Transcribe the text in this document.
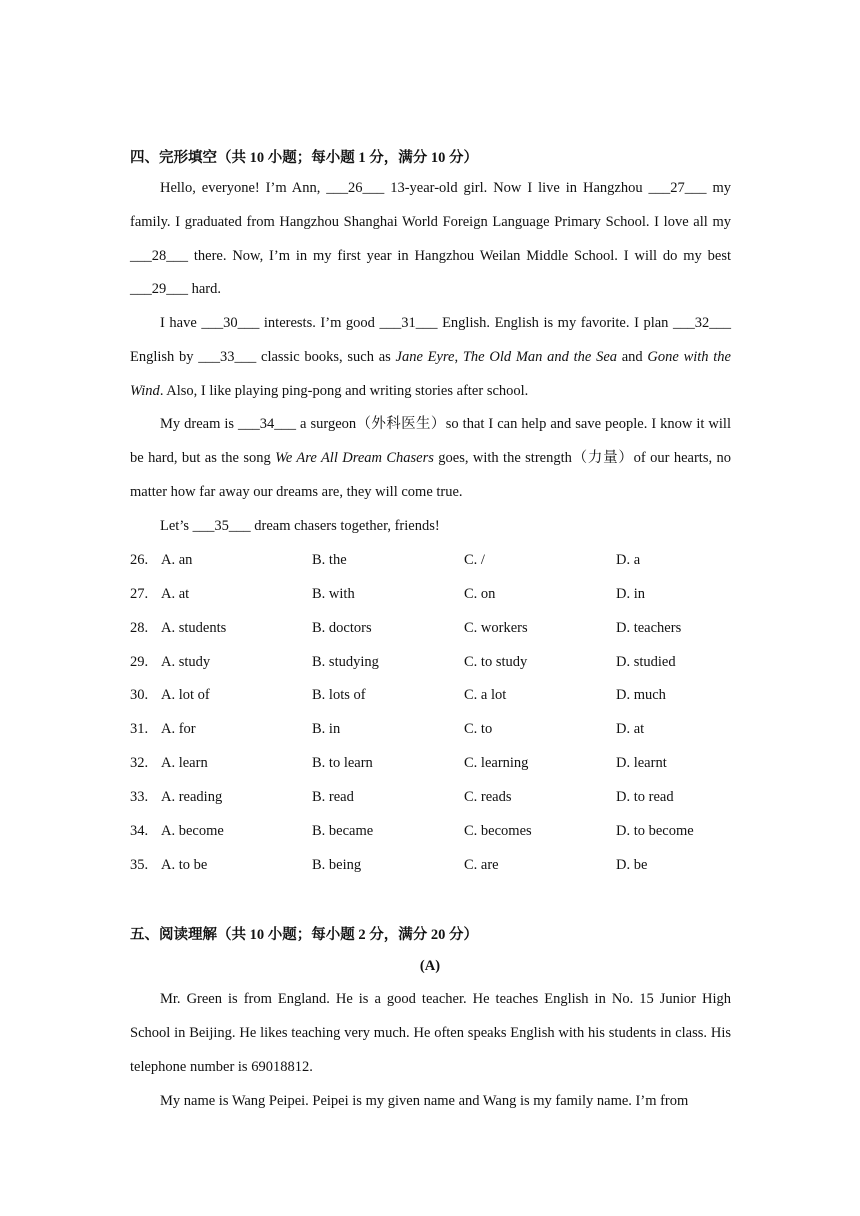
四、完形填空（共 10 小题；每小题 1 分，满分 10 分）

Hello, everyone! I’m Ann, ___26___ 13-year-old girl. Now I live in Hangzhou ___27___ my family. I graduated from Hangzhou Shanghai World Foreign Language Primary School. I love all my ___28___ there. Now, I’m in my first year in Hangzhou Weilan Middle School. I will do my best ___29___ hard.

I have ___30___ interests. I’m good ___31___ English. English is my favorite. I plan ___32___ English by ___33___ classic books, such as Jane Eyre, The Old Man and the Sea and Gone with the Wind. Also, I like playing ping-pong and writing stories after school.

My dream is ___34___ a surgeon（外科医生）so that I can help and save people. I know it will be hard, but as the song We Are All Dream Chasers goes, with the strength（力量）of our hearts, no matter how far away our dreams are, they will come true.

Let’s ___35___ dream chasers together, friends!

26. A. an	B. the	C. /	D. a
27. A. at	B. with	C. on	D. in
28. A. students	B. doctors	C. workers	D. teachers
29. A. study	B. studying	C. to study	D. studied
30. A. lot of	B. lots of	C. a lot	D. much
31. A. for	B. in	C. to	D. at
32. A. learn	B. to learn	C. learning	D. learnt
33. A. reading	B. read	C. reads	D. to read
34. A. become	B. became	C. becomes	D. to become
35. A. to be	B. being	C. are	D. be
五、阅读理解（共 10 小题；每小题 2 分，满分 20 分）
(A)

Mr. Green is from England. He is a good teacher. He teaches English in No. 15 Junior High School in Beijing. He likes teaching very much. He often speaks English with his students in class. His telephone number is 69018812.

My name is Wang Peipei. Peipei is my given name and Wang is my family name. I’m from
